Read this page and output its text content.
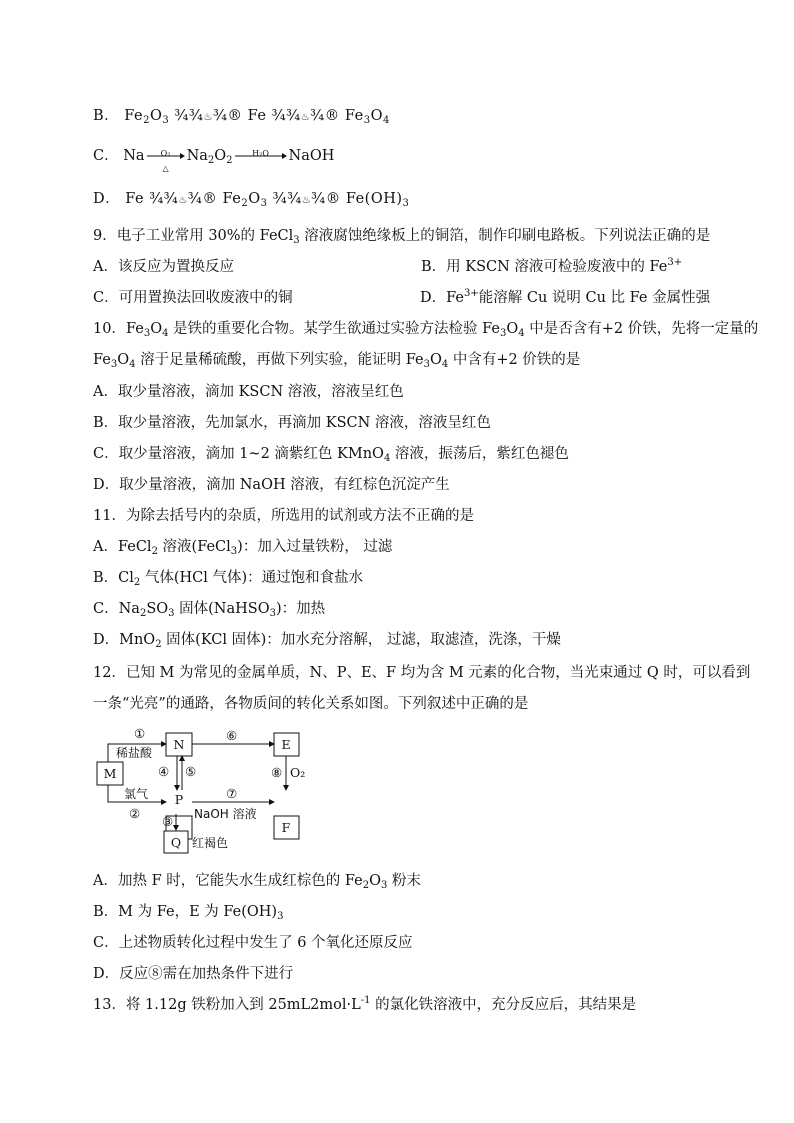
B． $Fe_2O_3$ ¾¾♨¾® Fe ¾¾♨¾® $Fe_3O_4$
C． Na	O₂
△
$Na_2O_2$
H₂O	NaOH
D． Fe ¾¾♨¾® $Fe_2O_3$ ¾¾♨¾® $Fe(OH)_3$
9．电子工业常用 30%的 FeCl$_3$ 溶液腐蚀绝缘板上的铜箔，制作印刷电路板。下列说法正确的是
A．该反应为置换反应	B．用 KSCN 溶液可检验废液中的 $Fe^{3+}$
C．可用置换法回收废液中的铜	D．$Fe^{3+}$能溶解 Cu 说明 Cu 比 Fe 金属性强
10．$Fe_3O_4$ 是铁的重要化合物。某学生欲通过实验方法检验 $Fe_3O_4$ 中是否含有+2 价铁，先将一定量的
$Fe_3O_4$ 溶于足量稀硫酸，再做下列实验，能证明 $Fe_3O_4$ 中含有+2 价铁的是
A．取少量溶液，滴加 KSCN 溶液，溶液呈红色
B．取少量溶液，先加氯水，再滴加 KSCN 溶液，溶液呈红色
C．取少量溶液，滴加 1~2 滴紫红色 KMnO$_4$ 溶液，振荡后，紫红色褪色
D．取少量溶液，滴加 NaOH 溶液，有红棕色沉淀产生
11．为除去括号内的杂质，所选用的试剂或方法不正确的是
A．FeCl$_2$ 溶液(FeCl$_3$)：加入过量铁粉， 过滤
B．$Cl_2$ 气体(HCl 气体)：通过饱和食盐水
C．$Na_2SO_3$ 固体(NaHSO$_3$)：加热
D．MnO$_2$ 固体(KCl 固体)：加水充分溶解， 过滤，取滤渣，洗涤，干燥
12．已知 M 为常见的金属单质，N、P、E、F 均为含 M 元素的化合物，当光束通过 Q 时，可以看到
一条“光亮”的通路，各物质间的转化关系如图。下列叙述中正确的是
M
N
P
E
F
Q
①
稀盐酸
氯气
②
⑥
④ ⑤
⑦
NaOH 溶液
⑧ O₂
③
红褐色
A．加热 F 时，它能失水生成红棕色的 $Fe_2O_3$ 粉末
B．M 为 Fe，E 为 $Fe(OH)_3$
C．上述物质转化过程中发生了 6 个氧化还原反应
D．反应⑧需在加热条件下进行
13．将 1.12g 铁粉加入到 $25mL2mol\cdot L^{-1}$ 的氯化铁溶液中，充分反应后，其结果是
